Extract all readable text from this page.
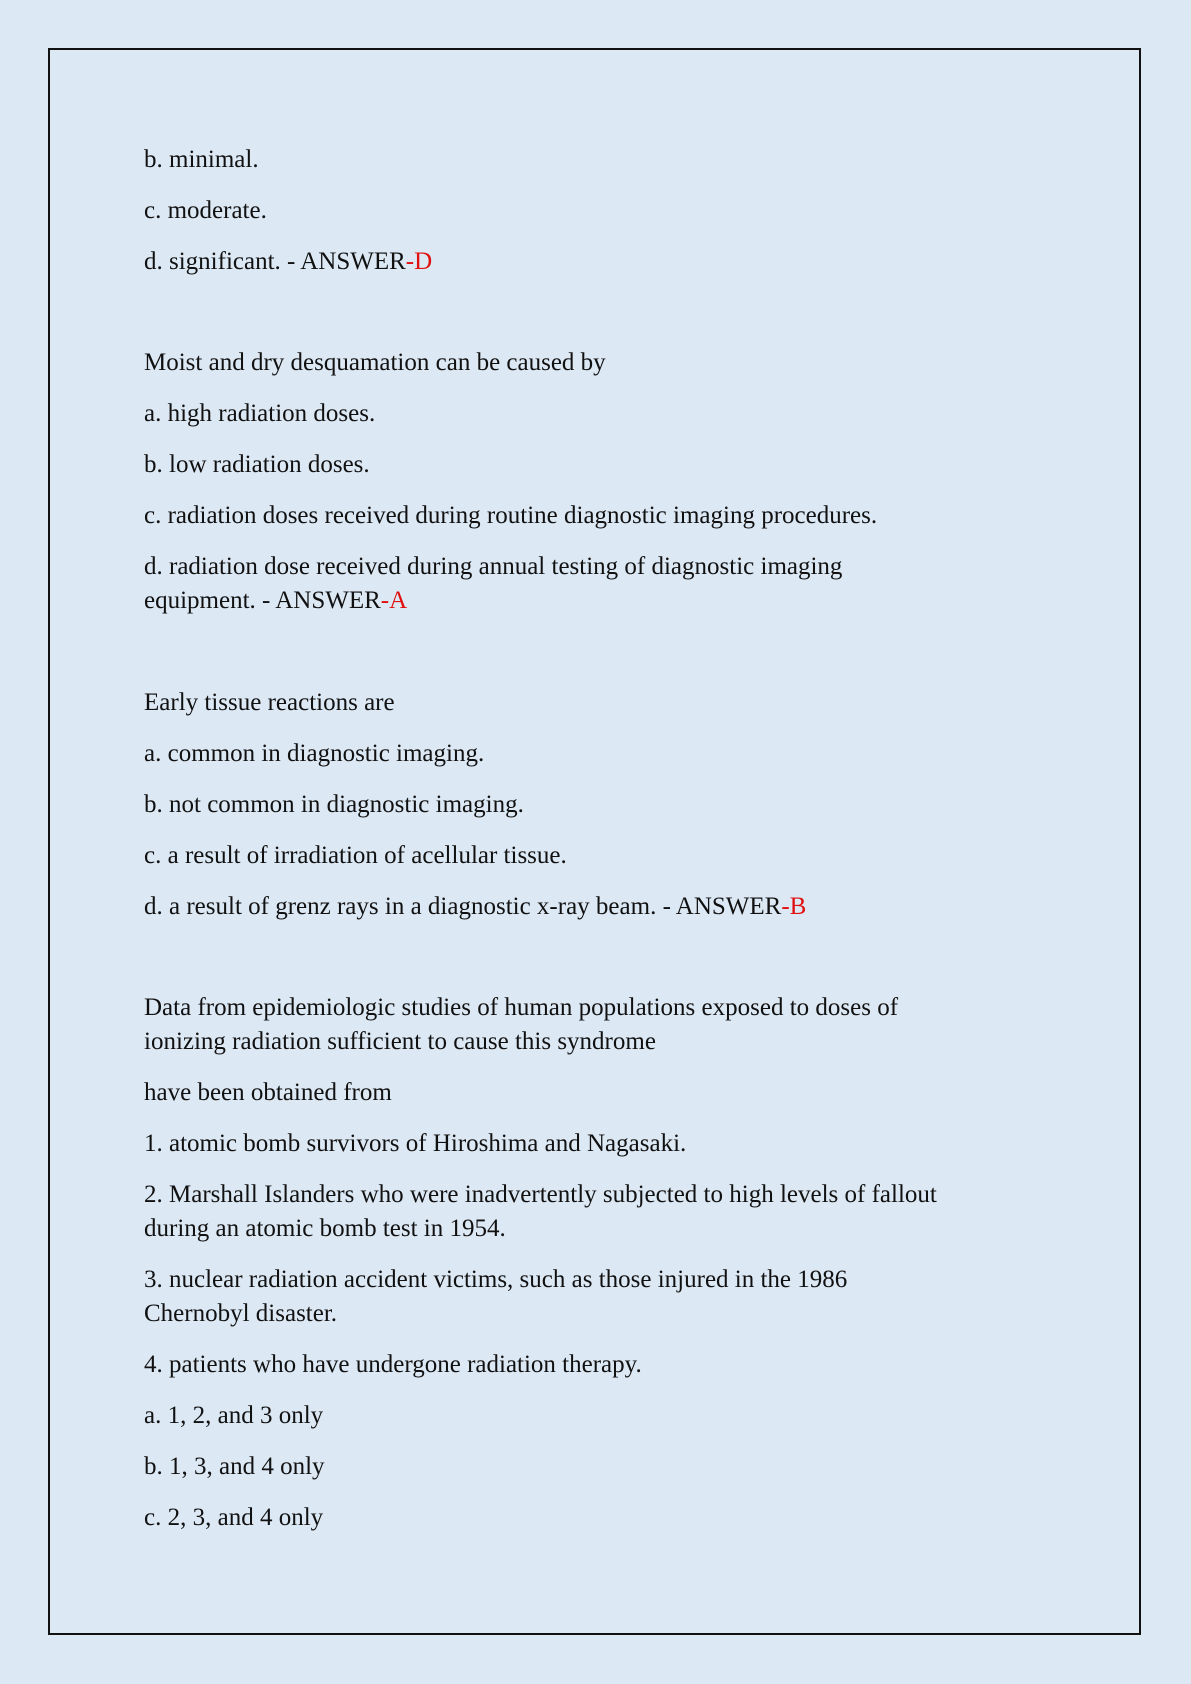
b. minimal.
c. moderate.
d. significant. - ANSWER-D
Moist and dry desquamation can be caused by
a. high radiation doses.
b. low radiation doses.
c. radiation doses received during routine diagnostic imaging procedures.
d. radiation dose received during annual testing of diagnostic imaging
equipment. - ANSWER-A
Early tissue reactions are
a. common in diagnostic imaging.
b. not common in diagnostic imaging.
c. a result of irradiation of acellular tissue.
d. a result of grenz rays in a diagnostic x-ray beam. - ANSWER-B
Data from epidemiologic studies of human populations exposed to doses of
ionizing radiation sufficient to cause this syndrome
have been obtained from
1. atomic bomb survivors of Hiroshima and Nagasaki.
2. Marshall Islanders who were inadvertently subjected to high levels of fallout
during an atomic bomb test in 1954.
3. nuclear radiation accident victims, such as those injured in the 1986
Chernobyl disaster.
4. patients who have undergone radiation therapy.
a. 1, 2, and 3 only
b. 1, 3, and 4 only
c. 2, 3, and 4 only
